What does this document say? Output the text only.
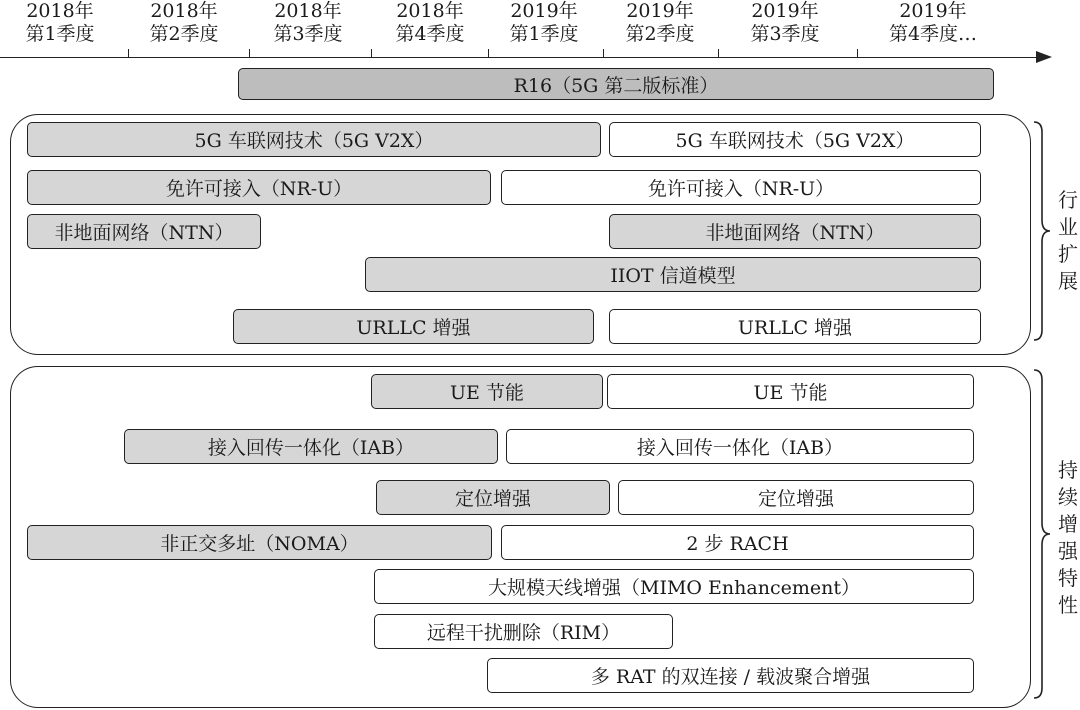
2018年
第1季度
2018年
第2季度
2018年
第3季度
2018年
第4季度
2019年
第1季度
2019年
第2季度
2019年
第3季度
2019年
第4季度…
R16（5G 第二版标准）
5G 车联网技术（5G V2X）	5G 车联网技术（5G V2X）
免许可接入（NR-U）	免许可接入（NR-U）
非地面网络（NTN）	非地面网络（NTN）
IIOT 信道模型
URLLC 增强	URLLC 增强
UE 节能	UE 节能
接入回传一体化（IAB）	接入回传一体化（IAB）
定位增强	定位增强
非正交多址（NOMA）	2 步 RACH
大规模天线增强（MIMO Enhancement）
远程干扰删除（RIM）
多 RAT 的双连接 / 载波聚合增强
行业扩展
持续增强特性
